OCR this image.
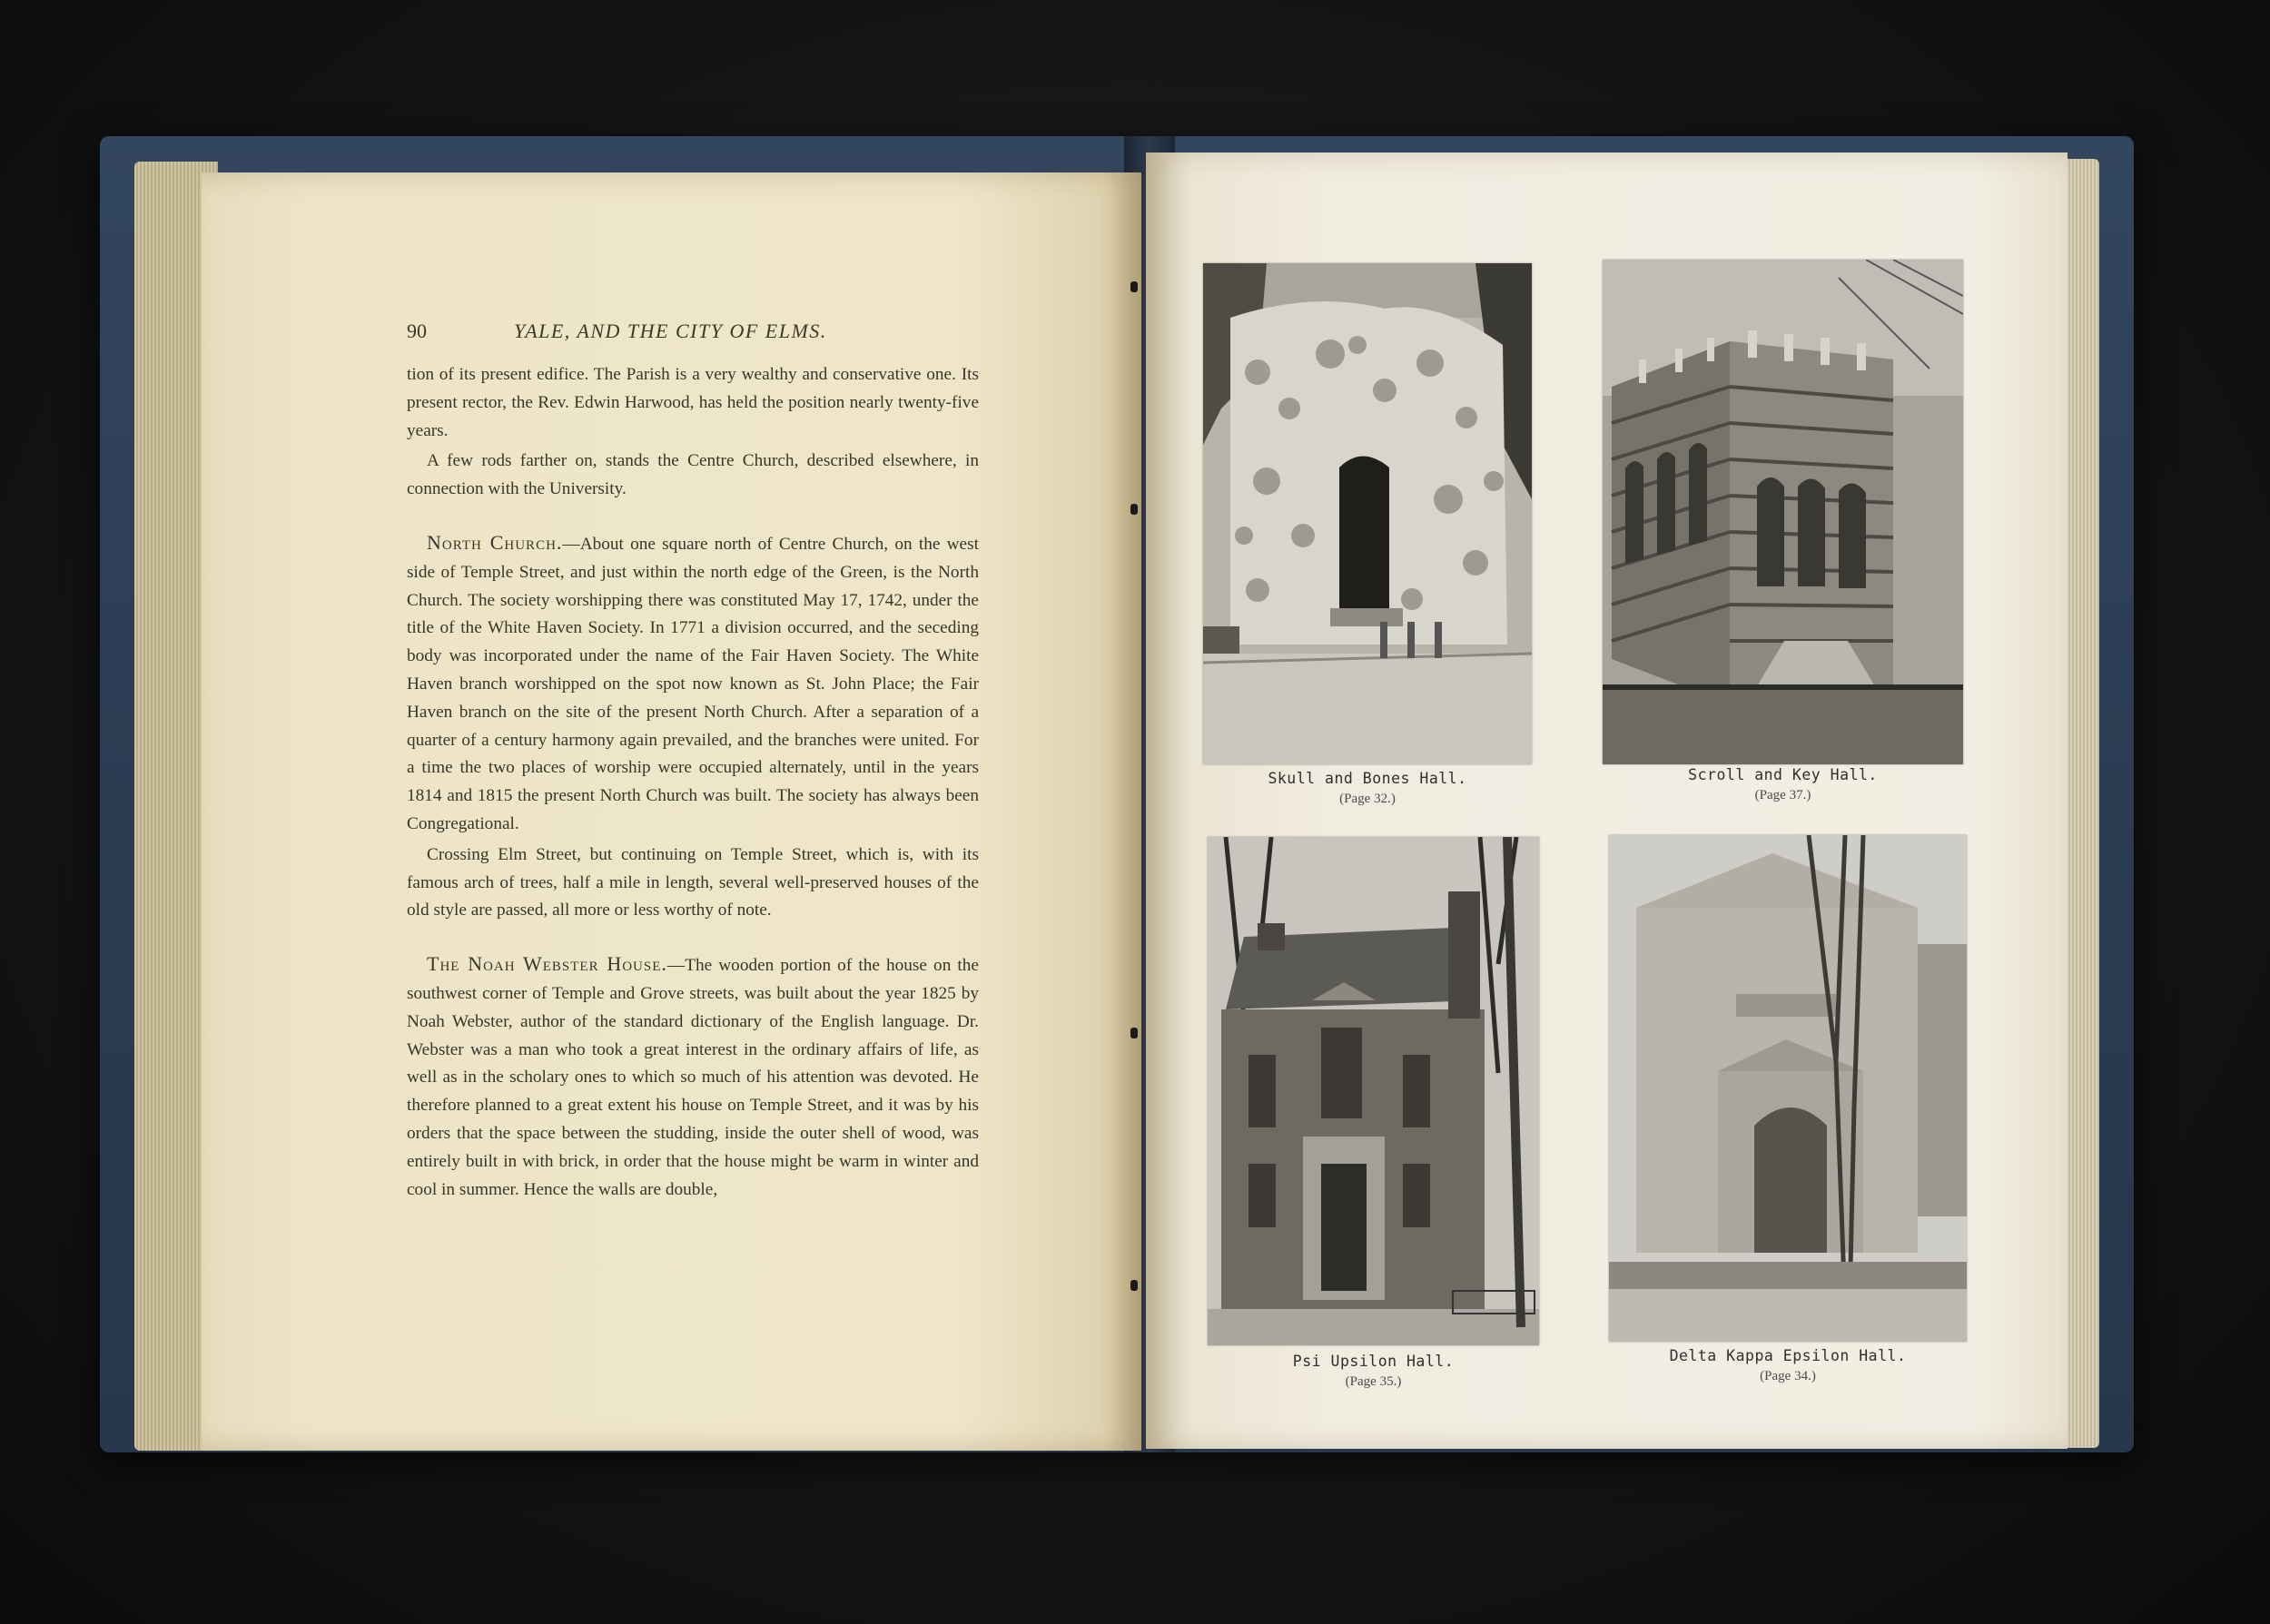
90	YALE, AND THE CITY OF ELMS.

tion of its present edifice. The Parish is a very wealthy and conservative one. Its present rector, the Rev. Edwin Harwood, has held the position nearly twenty-five years.

A few rods farther on, stands the Centre Church, described elsewhere, in connection with the University.

North Church.—About one square north of Centre Church, on the west side of Temple Street, and just within the north edge of the Green, is the North Church. The society worshipping there was constituted May 17, 1742, under the title of the White Haven Society. In 1771 a division occurred, and the seceding body was incorporated under the name of the Fair Haven Society. The White Haven branch worshipped on the spot now known as St. John Place; the Fair Haven branch on the site of the present North Church. After a separation of a quarter of a century harmony again prevailed, and the branches were united. For a time the two places of worship were occupied alternately, until in the years 1814 and 1815 the present North Church was built. The society has always been Congregational.

Crossing Elm Street, but continuing on Temple Street, which is, with its famous arch of trees, half a mile in length, several well-preserved houses of the old style are passed, all more or less worthy of note.

The Noah Webster House.—The wooden portion of the house on the southwest corner of Temple and Grove streets, was built about the year 1825 by Noah Webster, author of the standard dictionary of the English language. Dr. Webster was a man who took a great interest in the ordinary affairs of life, as well as in the scholary ones to which so much of his attention was devoted. He therefore planned to a great extent his house on Temple Street, and it was by his orders that the space between the studding, inside the outer shell of wood, was entirely built in with brick, in order that the house might be warm in winter and cool in summer. Hence the walls are double,

Skull and Bones Hall.
(Page 32.)
Scroll and Key Hall.
(Page 37.)
Psi Upsilon Hall.
(Page 35.)
Delta Kappa Epsilon Hall.
(Page 34.)
